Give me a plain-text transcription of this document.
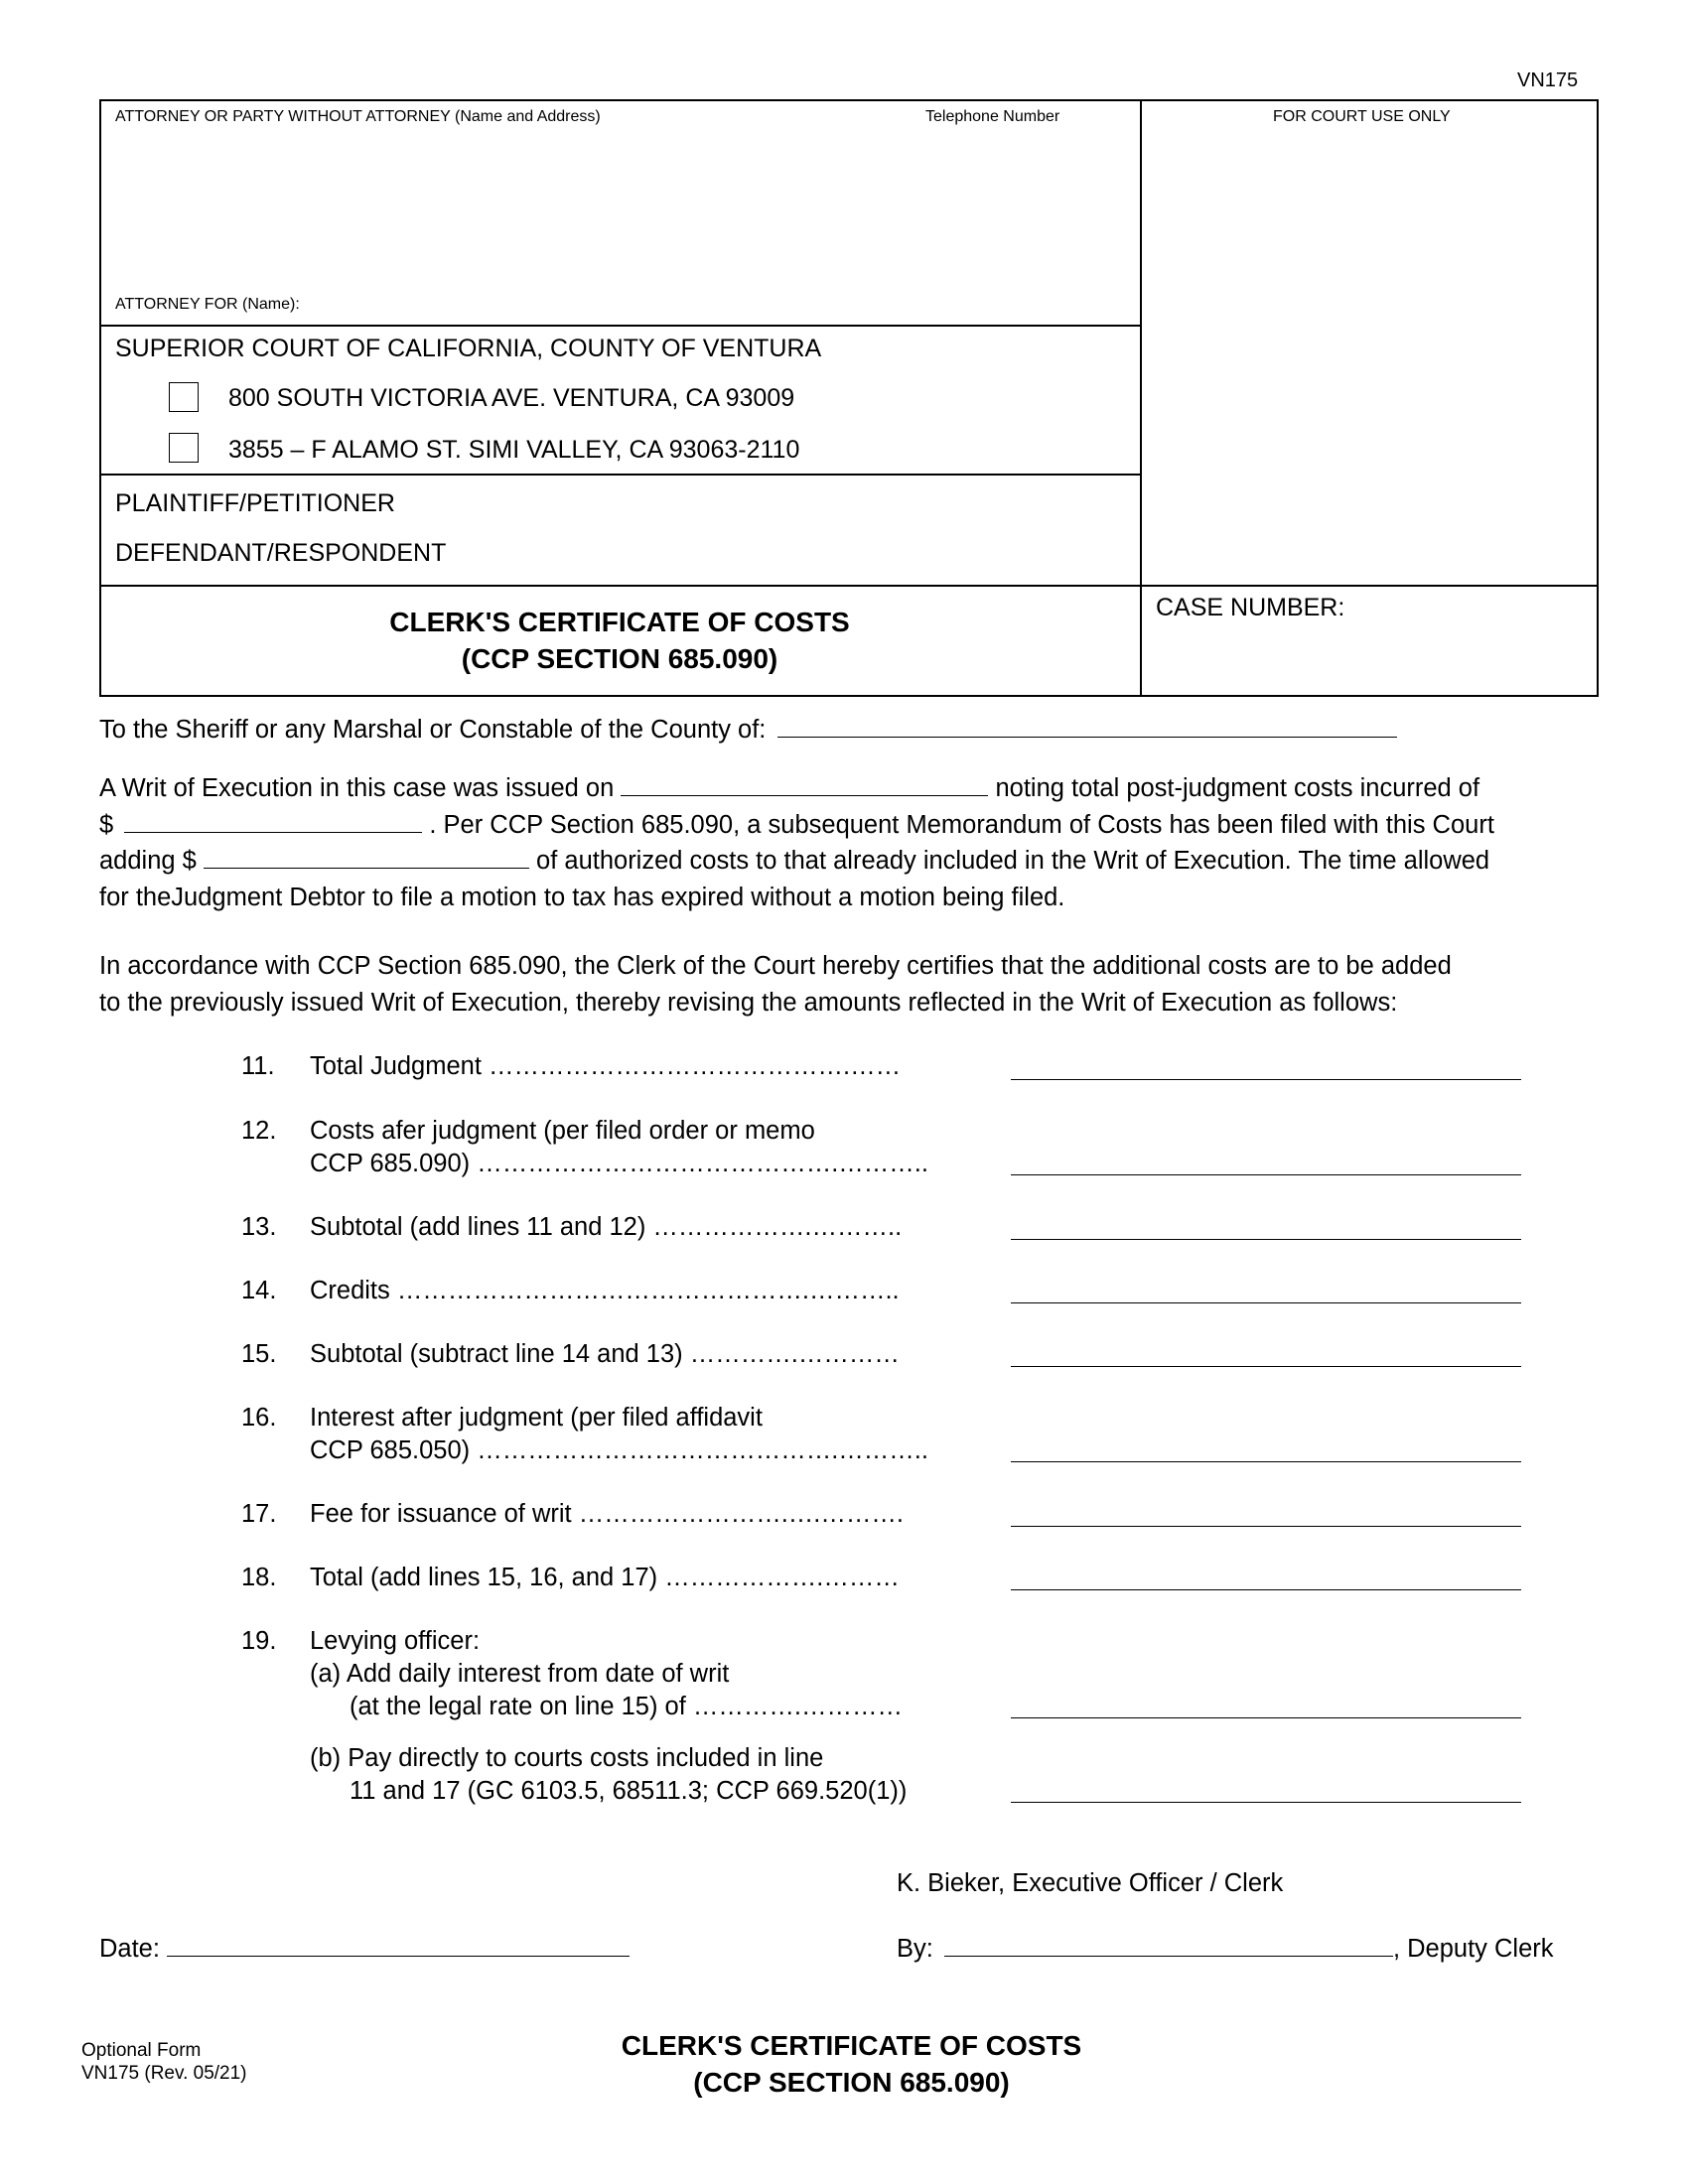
VN175
ATTORNEY OR PARTY WITHOUT ATTORNEY (Name and Address)	Telephone Number	FOR COURT USE ONLY
ATTORNEY FOR (Name):
SUPERIOR COURT OF CALIFORNIA, COUNTY OF VENTURA
800 SOUTH VICTORIA AVE. VENTURA, CA 93009
3855 – F ALAMO ST. SIMI VALLEY, CA 93063-2110
PLAINTIFF/PETITIONER
DEFENDANT/RESPONDENT
CLERK'S CERTIFICATE OF COSTS
(CCP SECTION 685.090)
CASE NUMBER:
To the Sheriff or any Marshal or Constable of the County of:
A Writ of Execution in this case was issued on	noting total post-judgment costs incurred of
$	. Per CCP Section 685.090, a subsequent Memorandum of Costs has been filed with this Court
adding $	of authorized costs to that already included in the Writ of Execution. The time allowed
for theJudgment Debtor to file a motion to tax has expired without a motion being filed.
In accordance with CCP Section 685.090, the Clerk of the Court hereby certifies that the additional costs are to be added
to the previously issued Writ of Execution, thereby revising the amounts reflected in the Writ of Execution as follows:
11. Total Judgment …………………………………….……
12. Costs afer judgment (per filed order or memo
CCP 685.090) …………………………………….………..
13. Subtotal (add lines 11 and 12) ……………….………..
14. Credits ………………………………………….………..
15. Subtotal (subtract line 14 and 13) ………….…………
16. Interest after judgment (per filed affidavit
CCP 685.050) …………………………………….………..
17. Fee for issuance of writ …………………….….……….
18. Total (add lines 15, 16, and 17) ……………….………
19. Levying officer:
(a) Add daily interest from date of writ
(at the legal rate on line 15) of ………….…………
(b) Pay directly to courts costs included in line
11 and 17 (GC 6103.5, 68511.3; CCP 669.520(1))
K. Bieker, Executive Officer / Clerk
Date:	By:	, Deputy Clerk
Optional Form
VN175 (Rev. 05/21)
CLERK'S CERTIFICATE OF COSTS
(CCP SECTION 685.090)
